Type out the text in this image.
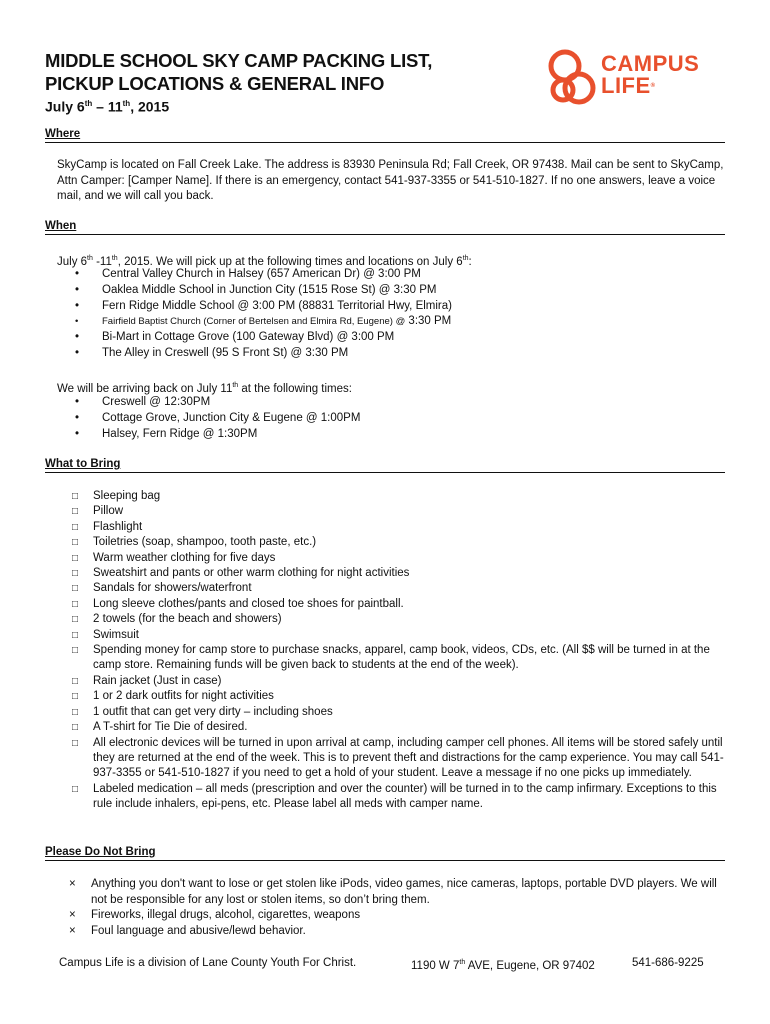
MIDDLE SCHOOL SKY CAMP PACKING LIST,
PICKUP LOCATIONS & GENERAL INFO
July 6th – 11th, 2015
CAMPUS
LIFE®
Where
SkyCamp is located on Fall Creek Lake. The address is 83930 Peninsula Rd; Fall Creek, OR 97438. Mail can be sent to SkyCamp, Attn Camper: [Camper Name]. If there is an emergency, contact 541-937-3355 or 541-510-1827. If no one answers, leave a voice mail, and we will call you back.
When
July 6th -11th, 2015. We will pick up at the following times and locations on July 6th:
• Central Valley Church in Halsey (657 American Dr) @ 3:00 PM
• Oaklea Middle School in Junction City (1515 Rose St) @ 3:30 PM
• Fern Ridge Middle School @ 3:00 PM (88831 Territorial Hwy, Elmira)
• Fairfield Baptist Church (Corner of Bertelsen and Elmira Rd, Eugene) @ 3:30 PM
• Bi-Mart in Cottage Grove (100 Gateway Blvd) @ 3:00 PM
• The Alley in Creswell (95 S Front St) @ 3:30 PM
We will be arriving back on July 11th at the following times:
• Creswell @ 12:30PM
• Cottage Grove, Junction City & Eugene @ 1:00PM
• Halsey, Fern Ridge @ 1:30PM
What to Bring
□ Sleeping bag
□ Pillow
□ Flashlight
□ Toiletries (soap, shampoo, tooth paste, etc.)
□ Warm weather clothing for five days
□ Sweatshirt and pants or other warm clothing for night activities
□ Sandals for showers/waterfront
□ Long sleeve clothes/pants and closed toe shoes for paintball.
□ 2 towels (for the beach and showers)
□ Swimsuit
□ Spending money for camp store to purchase snacks, apparel, camp book, videos, CDs, etc. (All $$ will be turned in at the camp store. Remaining funds will be given back to students at the end of the week).
□ Rain jacket (Just in case)
□ 1 or 2 dark outfits for night activities
□ 1 outfit that can get very dirty – including shoes
□ A T-shirt for Tie Die of desired.
□ All electronic devices will be turned in upon arrival at camp, including camper cell phones. All items will be stored safely until they are returned at the end of the week. This is to prevent theft and distractions for the camp experience. You may call 541-937-3355 or 541-510-1827 if you need to get a hold of your student. Leave a message if no one picks up immediately.
□ Labeled medication – all meds (prescription and over the counter) will be turned in to the camp infirmary. Exceptions to this rule include inhalers, epi-pens, etc. Please label all meds with camper name.
Please Do Not Bring
× Anything you don't want to lose or get stolen like iPods, video games, nice cameras, laptops, portable DVD players. We will not be responsible for any lost or stolen items, so don’t bring them.
× Fireworks, illegal drugs, alcohol, cigarettes, weapons
× Foul language and abusive/lewd behavior.
Campus Life is a division of Lane County Youth For Christ.	1190 W 7th AVE, Eugene, OR 97402	541-686-9225
